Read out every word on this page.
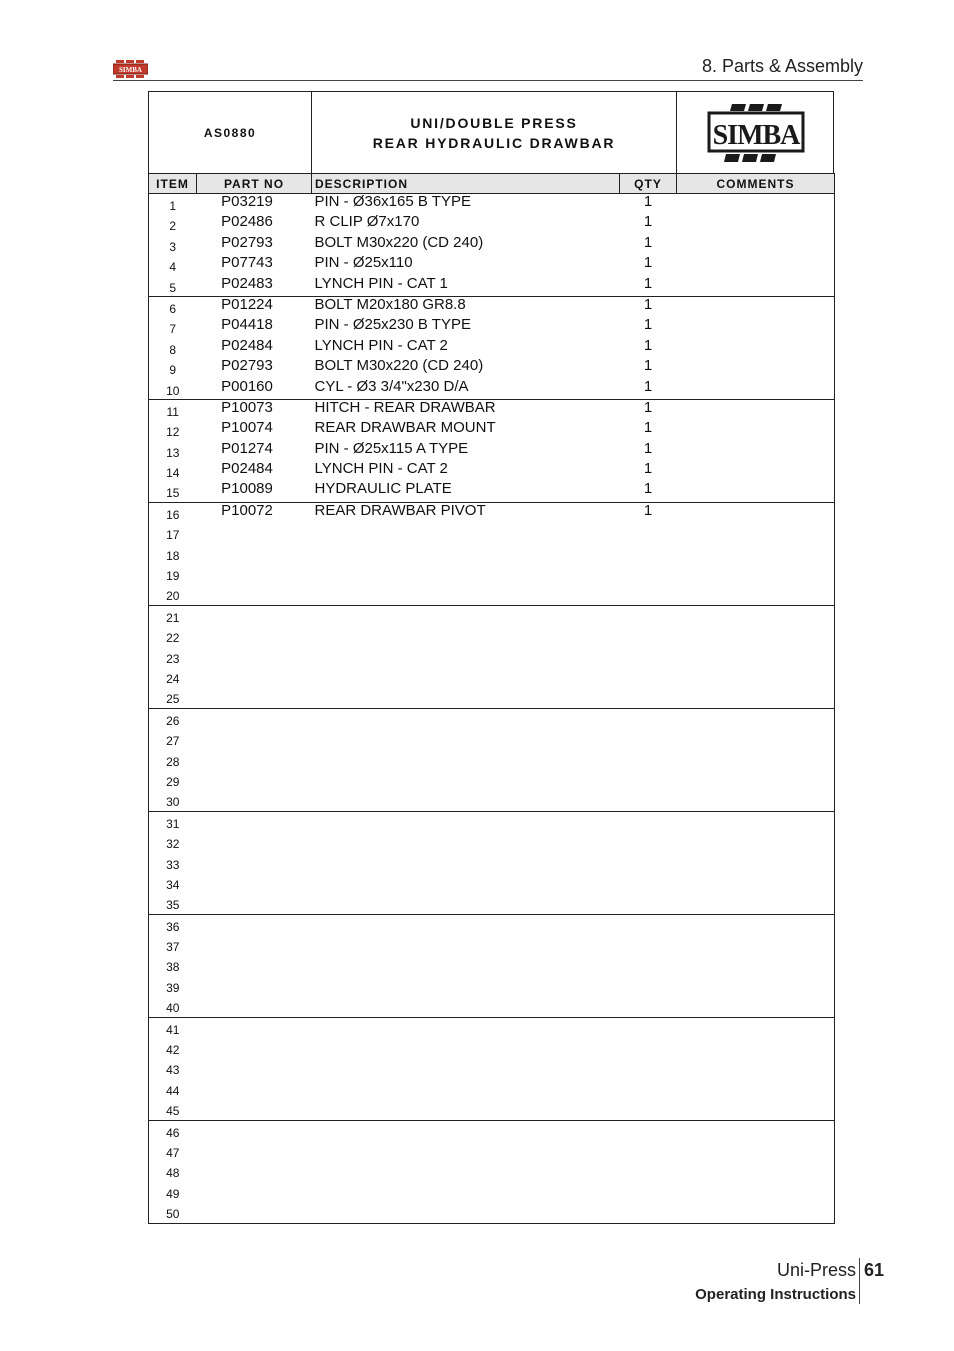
SIMBA	8. Parts & Assembly
AS0880
UNI/DOUBLE PRESS
REAR HYDRAULIC DRAWBAR	SIMBA
ITEM	PART NO	DESCRIPTION	QTY	COMMENTS
1	P03219	PIN - Ø36x165 B TYPE	1	
2	P02486	R CLIP Ø7x170	1	
3	P02793	BOLT M30x220 (CD 240)	1	
4	P07743	PIN - Ø25x110	1	
5	P02483	LYNCH PIN - CAT 1	1	
6	P01224	BOLT M20x180 GR8.8	1	
7	P04418	PIN - Ø25x230 B TYPE	1	
8	P02484	LYNCH PIN - CAT 2	1	
9	P02793	BOLT M30x220 (CD 240)	1	
10	P00160	CYL - Ø3 3/4"x230 D/A	1	
11	P10073	HITCH - REAR DRAWBAR	1	
12	P10074	REAR DRAWBAR MOUNT	1	
13	P01274	PIN - Ø25x115 A TYPE	1	
14	P02484	LYNCH PIN - CAT 2	1	
15	P10089	HYDRAULIC PLATE	1	
16	P10072	REAR DRAWBAR PIVOT	1	
17				
18				
19				
20				
21				
22				
23				
24				
25				
26				
27				
28				
29				
30				
31				
32				
33				
34				
35				
36				
37				
38				
39				
40				
41				
42				
43				
44				
45				
46				
47				
48				
49				
50				
Uni-Press 61
Operating Instructions
